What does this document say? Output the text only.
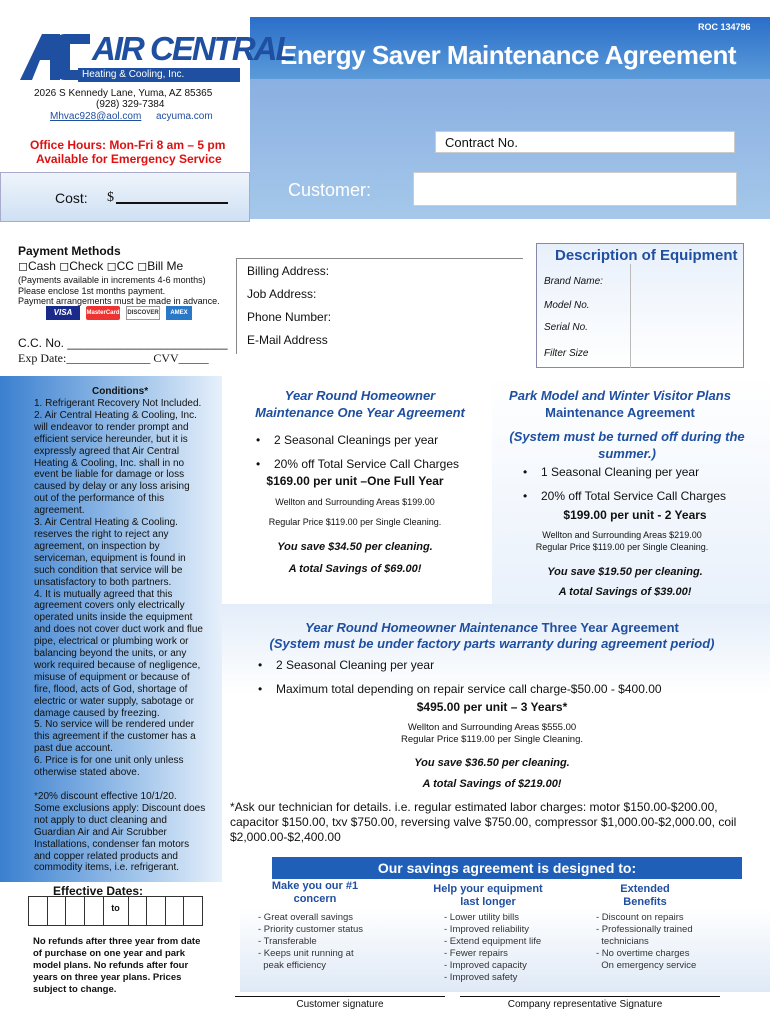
ROC 134796
Energy Saver Maintenance Agreement
AIR CENTRAL
Heating & Cooling, Inc.
2026 S Kennedy Lane, Yuma, AZ 85365
(928) 329-7384
Mhvac928@aol.com acyuma.com
Office Hours: Mon-Fri 8 am – 5 pm
Available for Emergency Service
Contract No.
Cost: $	Customer:
Payment Methods
◻Cash ◻Check ◻CC ◻Bill Me
(Payments available in increments 4-6 months)
Please enclose 1st months payment.
Payment arrangements must be made in advance.
VISA	MasterCard DISCOVER	AMEX
C.C. No. ________________________
Exp Date:______________ CVV_____
Billing Address:
Job Address:
Phone Number:
E-Mail Address
Description of Equipment
Brand Name:
Model No.
Serial No.
Filter Size
Conditions*
1. Refrigerant Recovery Not Included.
2. Air Central Heating & Cooling, Inc. will endeavor to render prompt and efficient service hereunder, but it is expressly agreed that Air Central Heating & Cooling, Inc. shall in no event be liable for damage or loss caused by delay or any loss arising out of the performance of this agreement.
3. Air Central Heating & Cooling. reserves the right to reject any agreement, on inspection by serviceman, equipment is found in such condition that service will be unsatisfactory to both partners.
4. It is mutually agreed that this agreement covers only electrically operated units inside the equipment and does not cover duct work and flue pipe, electrical or plumbing work or balancing beyond the units, or any work required because of negligence, misuse of equipment or because of fire, flood, acts of God, shortage of electric or water supply, sabotage or damage caused by freezing.
5. No service will be rendered under this agreement if the customer has a past due account.
6. Price is for one unit only unless otherwise stated above.
*20% discount effective 10/1/20.
Some exclusions apply: Discount does not apply to duct cleaning and Guardian Air and Air Scrubber Installations, condenser fan motors and copper related products and commodity items, i.e. refrigerant.
Effective Dates:
to
No refunds after three year from date of purchase on one year and park model plans. No refunds after four years on three year plans. Prices subject to change.
Year Round Homeowner
Maintenance One Year Agreement
• 2 Seasonal Cleanings per year
• 20% off Total Service Call Charges
$169.00 per unit –One Full Year
Wellton and Surrounding Areas $199.00
Regular Price $119.00 per Single Cleaning.
You save $34.50 per cleaning.
A total Savings of $69.00!
Park Model and Winter Visitor Plans
Maintenance Agreement
(System must be turned off during the summer.)
• 1 Seasonal Cleaning per year
• 20% off Total Service Call Charges
$199.00 per unit - 2 Years
Wellton and Surrounding Areas $219.00
Regular Price $119.00 per Single Cleaning.
You save $19.50 per cleaning.
A total Savings of $39.00!
Year Round Homeowner Maintenance Three Year Agreement
(System must be under factory parts warranty during agreement period)
• 2 Seasonal Cleaning per year
• Maximum total depending on repair service call charge-$50.00 - $400.00
$495.00 per unit – 3 Years*
Wellton and Surrounding Areas $555.00
Regular Price $119.00 per Single Cleaning.
You save $36.50 per cleaning.
A total Savings of $219.00!
*Ask our technician for details. i.e. regular estimated labor charges: motor $150.00-$200.00, capacitor $150.00, txv $750.00, reversing valve $750.00, compressor $1,000.00-$2,000.00, coil $2,000.00-$2,400.00
Our savings agreement is designed to:
Make you our #1 concern
- Great overall savings
- Priority customer status
- Transferable
- Keeps unit running at
peak efficiency
Help your equipment last longer
- Lower utility bills
- Improved reliability
- Extend equipment life
- Fewer repairs
- Improved capacity
- Improved safety
Extended Benefits
- Discount on repairs
- Professionally trained
technicians
- No overtime charges
On emergency service
Customer signature	Company representative Signature
